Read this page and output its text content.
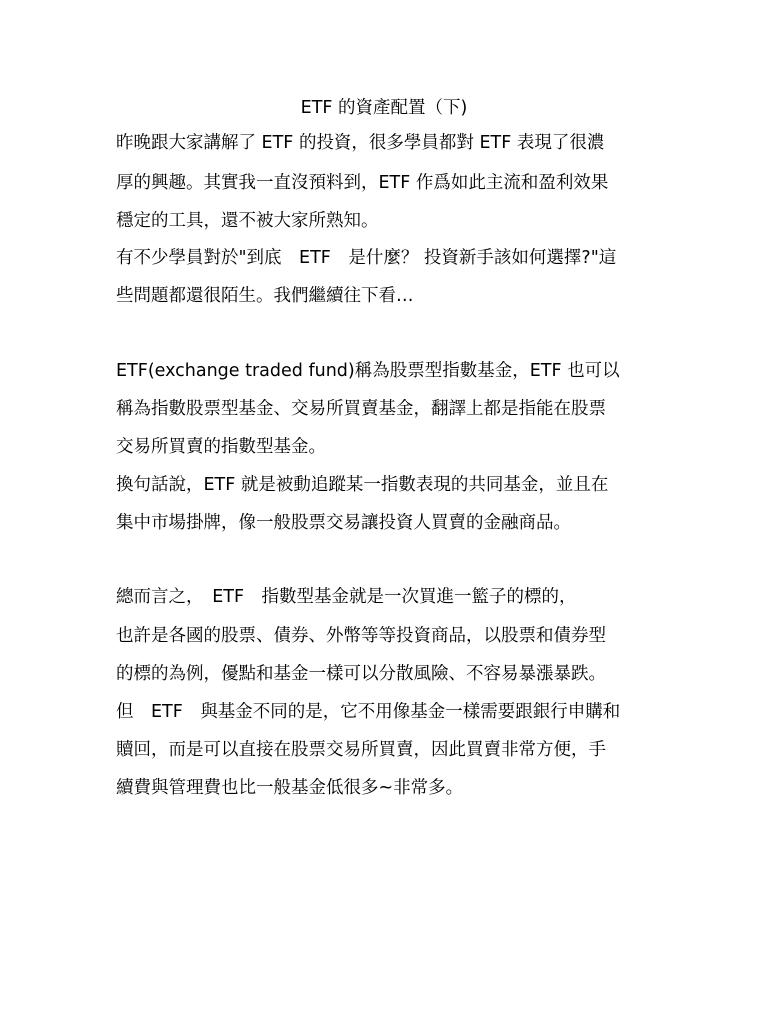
ETF 的資產配置（下)
昨晚跟大家講解了 ETF 的投資，很多學員都對 ETF 表現了很濃
厚的興趣。其實我一直沒預料到，ETF 作爲如此主流和盈利效果
穩定的工具，還不被大家所熟知。
有不少學員對於"到底　ETF　是什麼？ 投資新手該如何選擇?"這
些問題都還很陌生。我們繼續往下看…
ETF(exchange traded fund)稱為股票型指數基金，ETF 也可以
稱為指數股票型基金、交易所買賣基金，翻譯上都是指能在股票
交易所買賣的指數型基金。
換句話說，ETF 就是被動追蹤某一指數表現的共同基金，並且在
集中市場掛牌，像一般股票交易讓投資人買賣的金融商品。
總而言之，　ETF　指數型基金就是一次買進一籃子的標的，
也許是各國的股票、債券、外幣等等投資商品，以股票和債券型
的標的為例，優點和基金一樣可以分散風險、不容易暴漲暴跌。
但　ETF　與基金不同的是，它不用像基金一樣需要跟銀行申購和
贖回，而是可以直接在股票交易所買賣，因此買賣非常方便，手
續費與管理費也比一般基金低很多~非常多。
